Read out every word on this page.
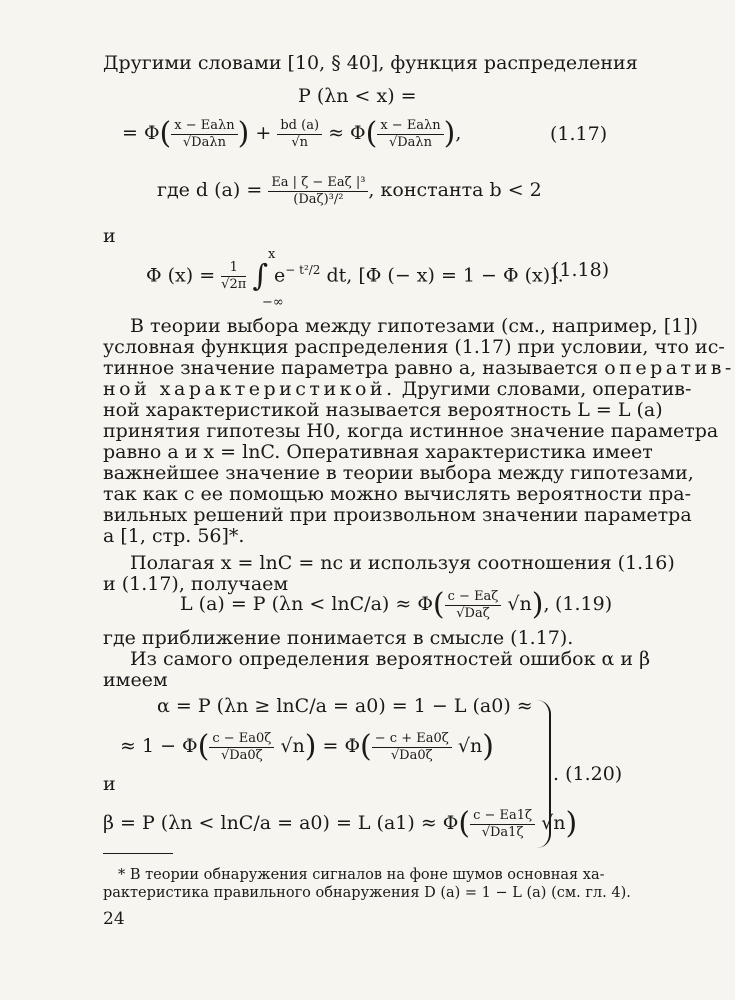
Другими словами [10, § 40], функция распределения
P (λn < x) =
= Φ( x − Eaλn
√Daλn ) + $\frac{bd (a)}{√n} \approx \Phi$( x − Eaλn
√Daλn ),	(1.17)
где d (a) = Ea | ζ − Eaζ |³
(Daζ)³/²	, константа b < 2
и
Φ $(x) = \frac{1}{√2\pi}$ ∫ $e^{- t^2/2}$ dt, [Φ (− x) = 1 − Φ (x)].
x
−∞
(1.18)
В теории выбора между гипотезами (см., например, [1])
условная функция распределения (1.17) при условии, что ис-
тинное значение параметра равно a, называется оператив-
ной характеристикой. Другими словами, оператив-
ной характеристикой называется вероятность L = L (a)
принятия гипотезы H0, когда истинное значение параметра
равно a и x = lnC. Оперативная характеристика имеет
важнейшее значение в теории выбора между гипотезами,
так как с ее помощью можно вычислять вероятности пра-
вильных решений при произвольном значении параметра
a [1, стр. 56]*.
Полагая x = lnC = nc и используя соотношения (1.16)
и (1.17), получаем
L (a) = P (λn < lnC/a) ≈ Φ( c − Eaζ
√Daζ √n), (1.19)
где приближение понимается в смысле (1.17).
Из самого определения вероятностей ошибок α и β
имеем
α = P (λn ≥ lnC/a = a0) = 1 − L (a0) ≈
≈ $1 - \Phi( \frac{c - Ea0\zeta}{√Da0\zeta} √n) = \Phi( \frac{- c + Ea0\zeta}{√Da0\zeta} √n)$
и
β = P (λn < lnC/a = a0) = L $(a1) \approx \Phi( \frac{c - Ea1\zeta}{√Da1\zeta} √n)$
. (1.20)
* В теории обнаружения сигналов на фоне шумов основная ха-
рактеристика правильного обнаружения D (a) = 1 − L (a) (см. гл. 4).
24
